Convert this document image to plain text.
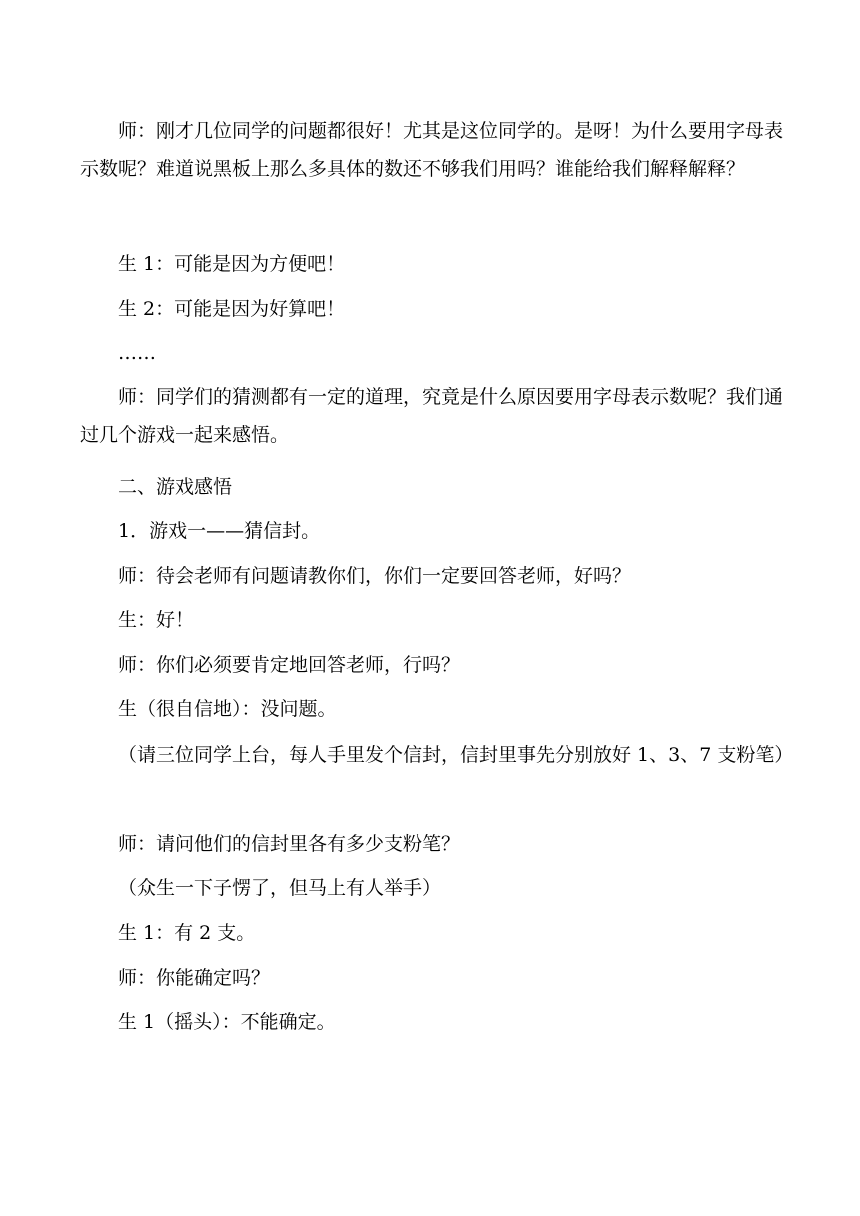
师：刚才几位同学的问题都很好！尤其是这位同学的。是呀！为什么要用字母表示数呢？难道说黑板上那么多具体的数还不够我们用吗？谁能给我们解释解释？

生 1：可能是因为方便吧！

生 2：可能是因为好算吧！

……

师：同学们的猜测都有一定的道理，究竟是什么原因要用字母表示数呢？我们通过几个游戏一起来感悟。

二、游戏感悟

1．游戏一——猜信封。

师：待会老师有问题请教你们，你们一定要回答老师，好吗？

生：好！

师：你们必须要肯定地回答老师，行吗？

生（很自信地）：没问题。

（请三位同学上台，每人手里发个信封，信封里事先分别放好 1、3、7 支粉笔）

师：请问他们的信封里各有多少支粉笔？

（众生一下子愣了，但马上有人举手）

生 1：有 2 支。

师：你能确定吗？

生 1（摇头）：不能确定。
